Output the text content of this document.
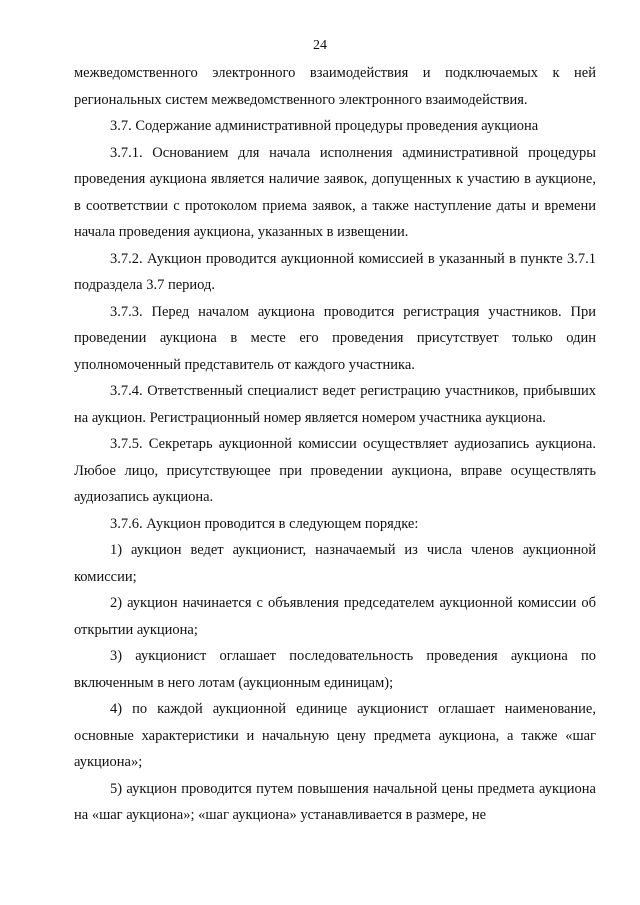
24

межведомственного электронного взаимодействия и подключаемых к ней региональных систем межведомственного электронного взаимодействия.

3.7. Содержание административной процедуры проведения аукциона

3.7.1. Основанием для начала исполнения административной процедуры проведения аукциона является наличие заявок, допущенных к участию в аукционе, в соответствии с протоколом приема заявок, а также наступление даты и времени начала проведения аукциона, указанных в извещении.

3.7.2. Аукцион проводится аукционной комиссией в указанный в пункте 3.7.1 подраздела 3.7 период.

3.7.3. Перед началом аукциона проводится регистрация участников. При проведении аукциона в месте его проведения присутствует только один уполномоченный представитель от каждого участника.

3.7.4. Ответственный специалист ведет регистрацию участников, прибывших на аукцион. Регистрационный номер является номером участника аукциона.

3.7.5. Секретарь аукционной комиссии осуществляет аудиозапись аукциона. Любое лицо, присутствующее при проведении аукциона, вправе осуществлять аудиозапись аукциона.

3.7.6. Аукцион проводится в следующем порядке:

1) аукцион ведет аукционист, назначаемый из числа членов аукционной комиссии;

2) аукцион начинается с объявления председателем аукционной комиссии об открытии аукциона;

3) аукционист оглашает последовательность проведения аукциона по включенным в него лотам (аукционным единицам);

4) по каждой аукционной единице аукционист оглашает наименование, основные характеристики и начальную цену предмета аукциона, а также «шаг аукциона»;

5) аукцион проводится путем повышения начальной цены предмета аукциона на «шаг аукциона»; «шаг аукциона» устанавливается в размере, не
